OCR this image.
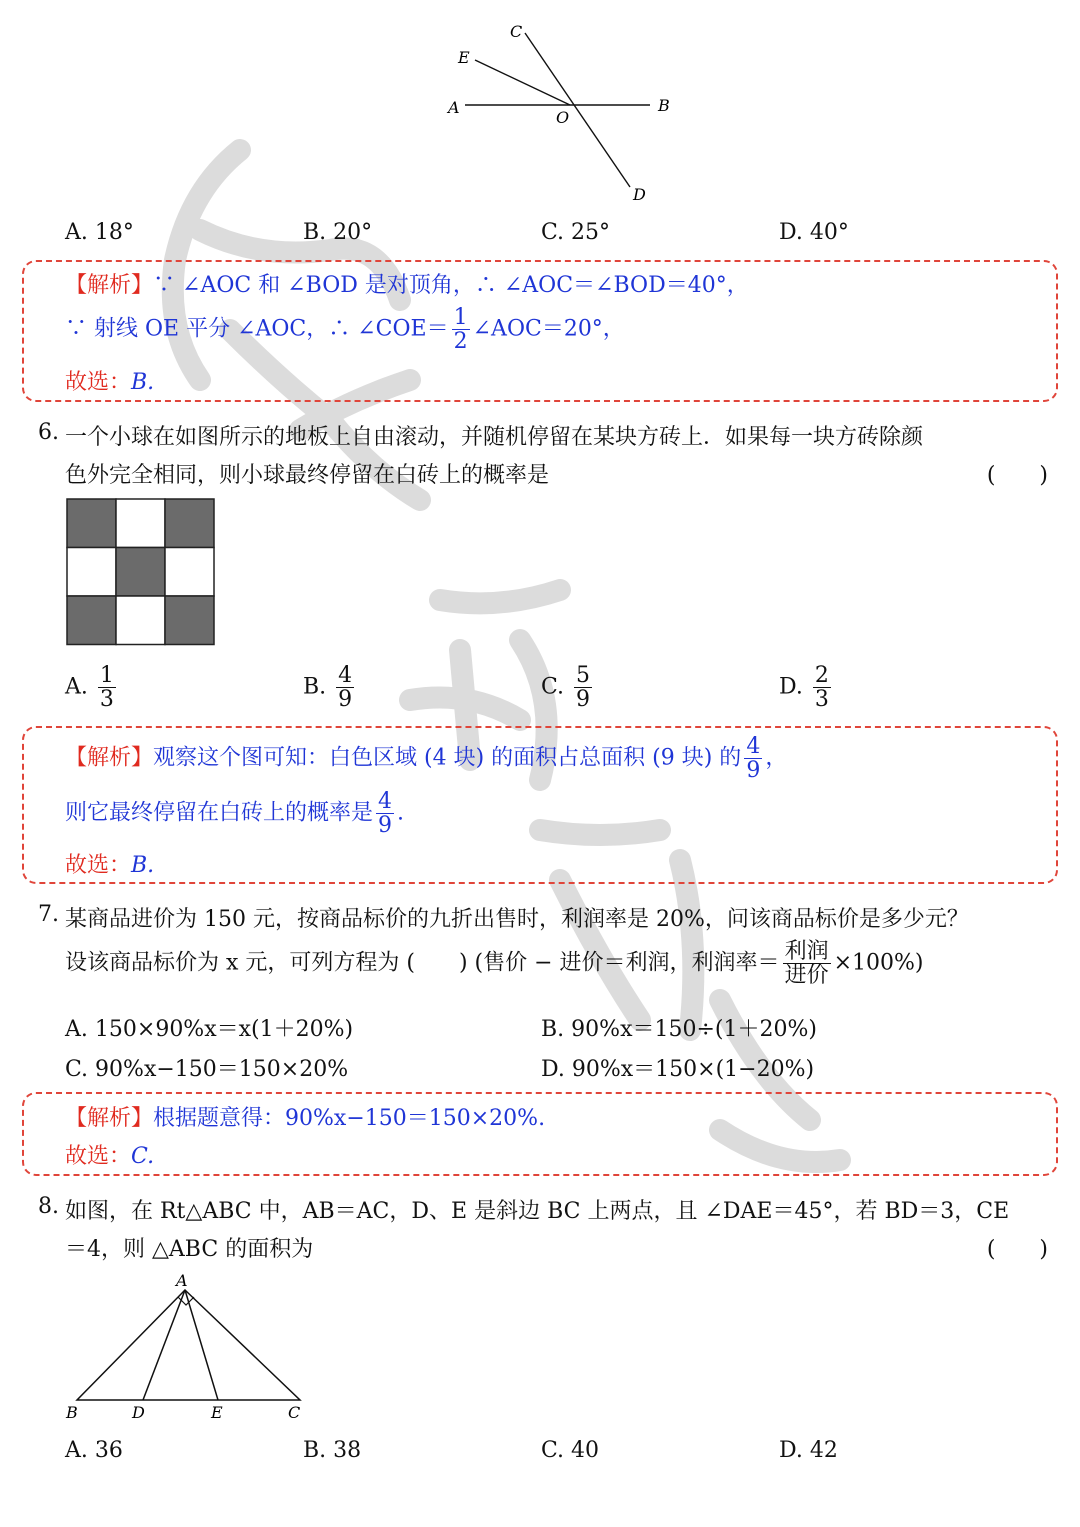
C
E
A
O
B
D
A. 18°	B. 20°	C. 25°	D. 40°
【解析】∵ ∠AOC 和 ∠BOD 是对顶角，∴ ∠AOC＝∠BOD＝40°，
∵ 射线 OE 平分 ∠AOC，∴ ∠COE＝ $\frac{1}{2}$ ∠AOC＝20°，
故选：B.
6. 一个小球在如图所示的地板上自由滚动，并随机停留在某块方砖上．如果每一块方砖除颜
色外完全相同，则小球最终停留在白砖上的概率是	(　　)
A. $\frac{1}{3}$	B. $\frac{4}{9}$	C. $\frac{5}{9}$	D. $\frac{2}{3}$
【解析】观察这个图可知：白色区域 (4 块) 的面积占总面积 (9 块) 的 $\frac{4}{9}$ ，
则它最终停留在白砖上的概率是 $\frac{4}{9}$ .
故选：B.
7. 某商品进价为 150 元，按商品标价的九折出售时，利润率是 20%，问该商品标价是多少元？
设该商品标价为 x 元，可列方程为 (　　) (售价 − 进价＝利润，利润率＝ $\frac{\text{利润}}{\text{进价}} \times 100\%$)
A. 150×90%x＝x(1＋20%)	B. 90%x＝150÷(1＋20%)
C. 90%x−150＝150×20%	D. 90%x＝150×(1−20%)
【解析】根据题意得：90%x−150＝150×20%.
故选：C.
8. 如图，在 Rt△ABC 中，AB＝AC，D、E 是斜边 BC 上两点，且 ∠DAE＝45°，若 BD＝3，CE
＝4，则 △ABC 的面积为	(　　)
A
B	D	E	C
A. 36	B. 38	C. 40	D. 42
